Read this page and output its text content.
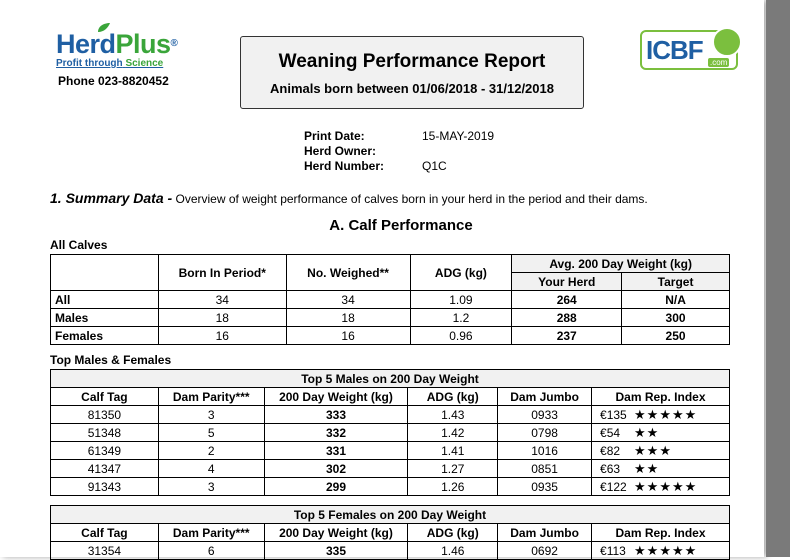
HerdPlus®
Profit through Science
Phone 023-8820452
Weaning Performance Report
Animals born between 01/06/2018 - 31/12/2018
ICBF .com
Print Date:	15-MAY-2019
Herd Owner:
Herd Number:	Q1C
1. Summary Data - Overview of weight performance of calves born in your herd in the period and their dams.
A. Calf Performance
All Calves
	Born In Period*	No. Weighed**	ADG (kg)	Avg. 200 Day Weight (kg)	
				Your Herd	Target
All	34	34	1.09	264	N/A
Males	18	18	1.2	288	300
Females	16	16	0.96	237	250
Top Males & Females
Top 5 Males on 200 Day Weight					
Calf Tag	Dam Parity***	200 Day Weight (kg)	ADG (kg)	Dam Jumbo	Dam Rep. Index
81350	3	333	1.43	0933	€135 ★★★★★
51348	5	332	1.42	0798	€54 ★★
61349	2	331	1.41	1016	€82 ★★★
41347	4	302	1.27	0851	€63 ★★
91343	3	299	1.26	0935	€122 ★★★★★
Top 5 Females on 200 Day Weight					
Calf Tag	Dam Parity***	200 Day Weight (kg)	ADG (kg)	Dam Jumbo	Dam Rep. Index
31354	6	335	1.46	0692	€113 ★★★★★
